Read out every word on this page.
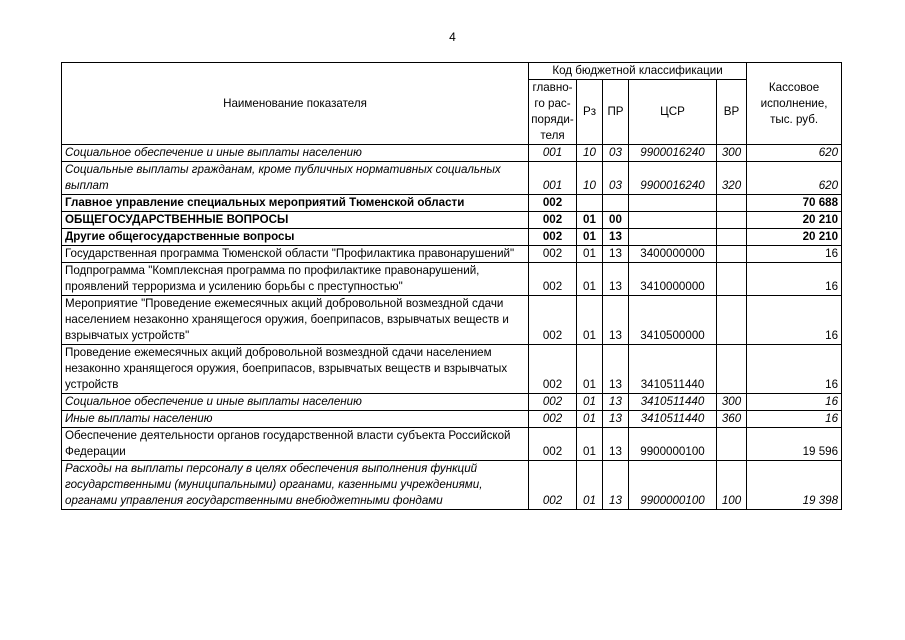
4
Наименование показателя	Код бюджетной классификации					Кассовое исполнение, тыс. руб.
	главно-го рас-поряди-теля	Рз	ПР	ЦСР	ВР	
Социальное обеспечение и иные выплаты населению	001	10	03	9900016240	300	620
Социальные выплаты гражданам, кроме публичных нормативных социальных выплат	001	10	03	9900016240	320	620
Главное управление специальных мероприятий Тюменской области	002					70 688
ОБЩЕГОСУДАРСТВЕННЫЕ ВОПРОСЫ	002	01	00			20 210
Другие общегосударственные вопросы	002	01	13			20 210
Государственная программа Тюменской области "Профилактика правонарушений"	002	01	13	3400000000		16
Подпрограмма "Комплексная программа по профилактике правонарушений, проявлений терроризма и усилению борьбы с преступностью"	002	01	13	3410000000		16
Мероприятие "Проведение ежемесячных акций добровольной возмездной сдачи населением незаконно хранящегося оружия, боеприпасов, взрывчатых веществ и взрывчатых устройств"	002	01	13	3410500000		16
Проведение ежемесячных акций добровольной возмездной сдачи населением незаконно хранящегося оружия, боеприпасов, взрывчатых веществ и взрывчатых устройств	002	01	13	3410511440		16
Социальное обеспечение и иные выплаты населению	002	01	13	3410511440	300	16
Иные выплаты населению	002	01	13	3410511440	360	16
Обеспечение деятельности органов государственной власти субъекта Российской Федерации	002	01	13	9900000100		19 596
Расходы на выплаты персоналу в целях обеспечения выполнения функций государственными (муниципальными) органами, казенными учреждениями, органами управления государственными внебюджетными фондами	002	01	13	9900000100	100	19 398
